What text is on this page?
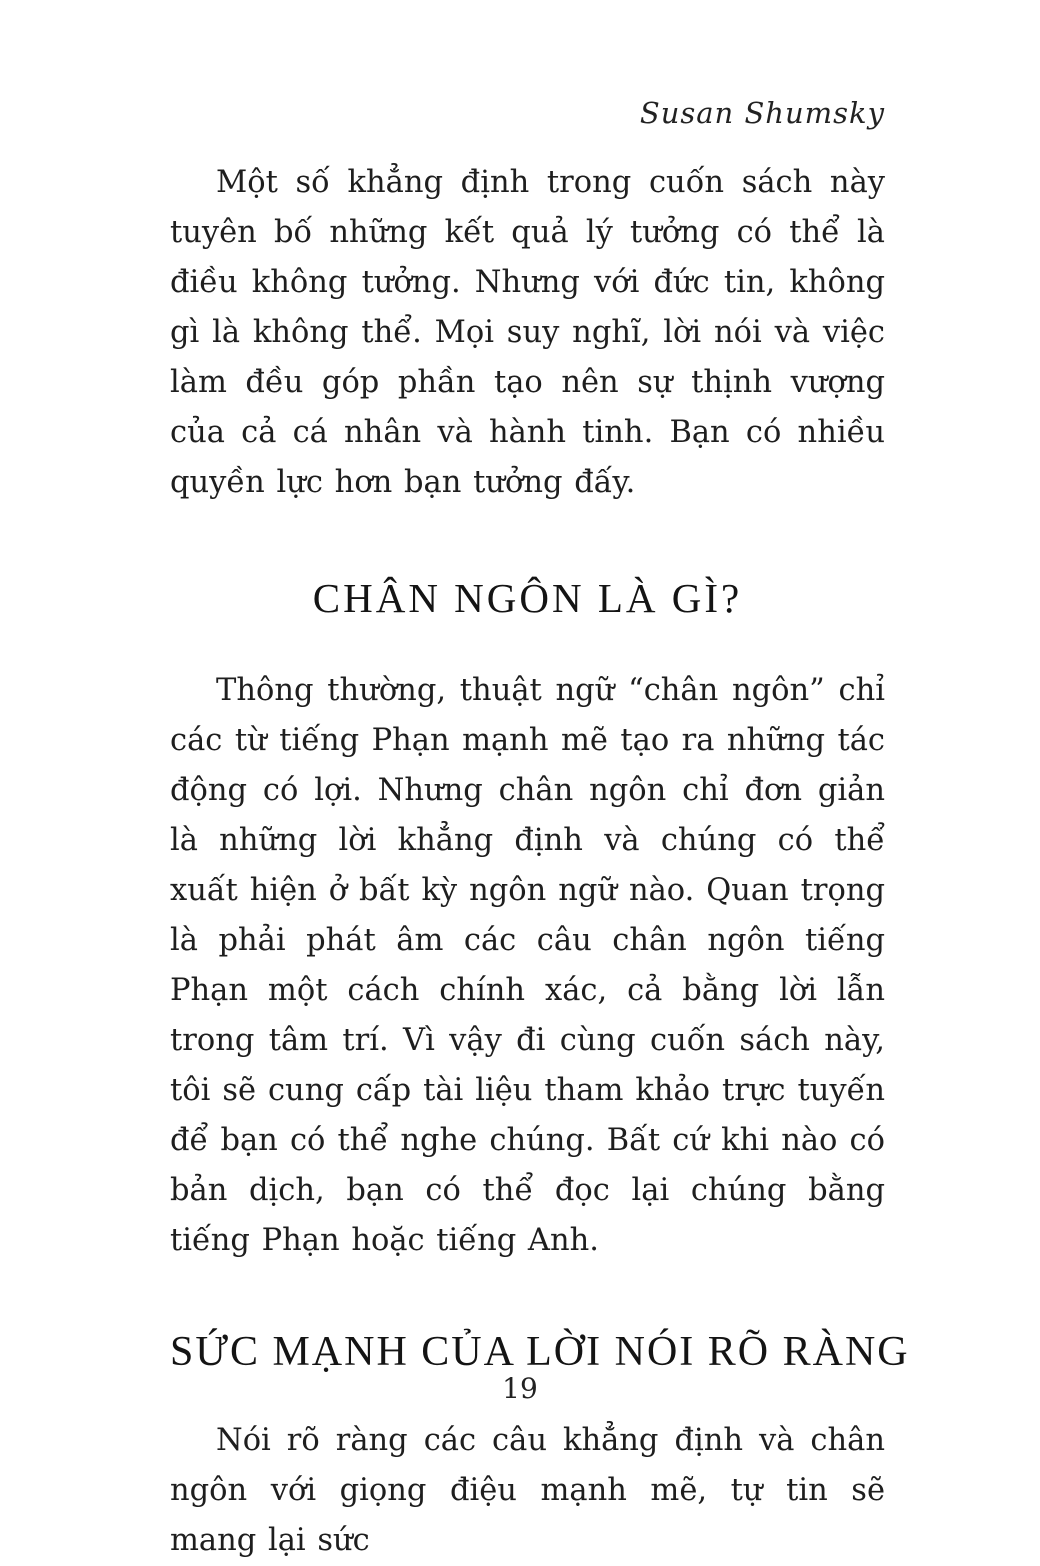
Susan Shumsky

Một số khẳng định trong cuốn sách này tuyên bố những kết quả lý tưởng có thể là điều không tưởng. Nhưng với đức tin, không gì là không thể. Mọi suy nghĩ, lời nói và việc làm đều góp phần tạo nên sự thịnh vượng của cả cá nhân và hành tinh. Bạn có nhiều quyền lực hơn bạn tưởng đấy.

CHÂN NGÔN LÀ GÌ?

Thông thường, thuật ngữ “chân ngôn” chỉ các từ tiếng Phạn mạnh mẽ tạo ra những tác động có lợi. Nhưng chân ngôn chỉ đơn giản là những lời khẳng định và chúng có thể xuất hiện ở bất kỳ ngôn ngữ nào. Quan trọng là phải phát âm các câu chân ngôn tiếng Phạn một cách chính xác, cả bằng lời lẫn trong tâm trí. Vì vậy đi cùng cuốn sách này, tôi sẽ cung cấp tài liệu tham khảo trực tuyến để bạn có thể nghe chúng. Bất cứ khi nào có bản dịch, bạn có thể đọc lại chúng bằng tiếng Phạn hoặc tiếng Anh.

SỨC MẠNH CỦA LỜI NÓI RÕ RÀNG

Nói rõ ràng các câu khẳng định và chân ngôn với giọng điệu mạnh mẽ, tự tin sẽ mang lại sức

19
